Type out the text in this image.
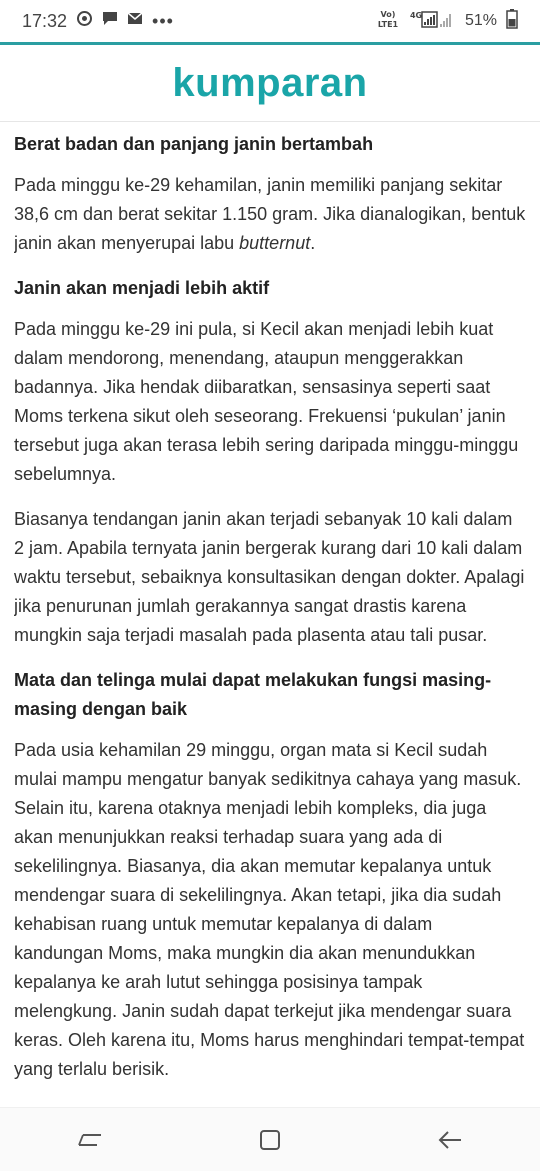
17:32	•••	Vo)
LTE1
4G	51%
kumparan
Berat badan dan panjang janin bertambah

Pada minggu ke-29 kehamilan, janin memiliki panjang sekitar 38,6 cm dan berat sekitar 1.150 gram. Jika dianalogikan, bentuk janin akan menyerupai labu butternut.

Janin akan menjadi lebih aktif

Pada minggu ke-29 ini pula, si Kecil akan menjadi lebih kuat dalam mendorong, menendang, ataupun menggerakkan badannya. Jika hendak diibaratkan, sensasinya seperti saat Moms terkena sikut oleh seseorang. Frekuensi ‘pukulan’ janin tersebut juga akan terasa lebih sering daripada minggu-minggu sebelumnya.

Biasanya tendangan janin akan terjadi sebanyak 10 kali dalam 2 jam. Apabila ternyata janin bergerak kurang dari 10 kali dalam waktu tersebut, sebaiknya konsultasikan dengan dokter. Apalagi jika penurunan jumlah gerakannya sangat drastis karena mungkin saja terjadi masalah pada plasenta atau tali pusar.

Mata dan telinga mulai dapat melakukan fungsi masing-masing dengan baik

Pada usia kehamilan 29 minggu, organ mata si Kecil sudah mulai mampu mengatur banyak sedikitnya cahaya yang masuk. Selain itu, karena otaknya menjadi lebih kompleks, dia juga akan menunjukkan reaksi terhadap suara yang ada di sekelilingnya. Biasanya, dia akan memutar kepalanya untuk mendengar suara di sekelilingnya. Akan tetapi, jika dia sudah kehabisan ruang untuk memutar kepalanya di dalam kandungan Moms, maka mungkin dia akan menundukkan kepalanya ke arah lutut sehingga posisinya tampak melengkung. Janin sudah dapat terkejut jika mendengar suara keras. Oleh karena itu, Moms harus menghindari tempat-tempat yang terlalu berisik.
